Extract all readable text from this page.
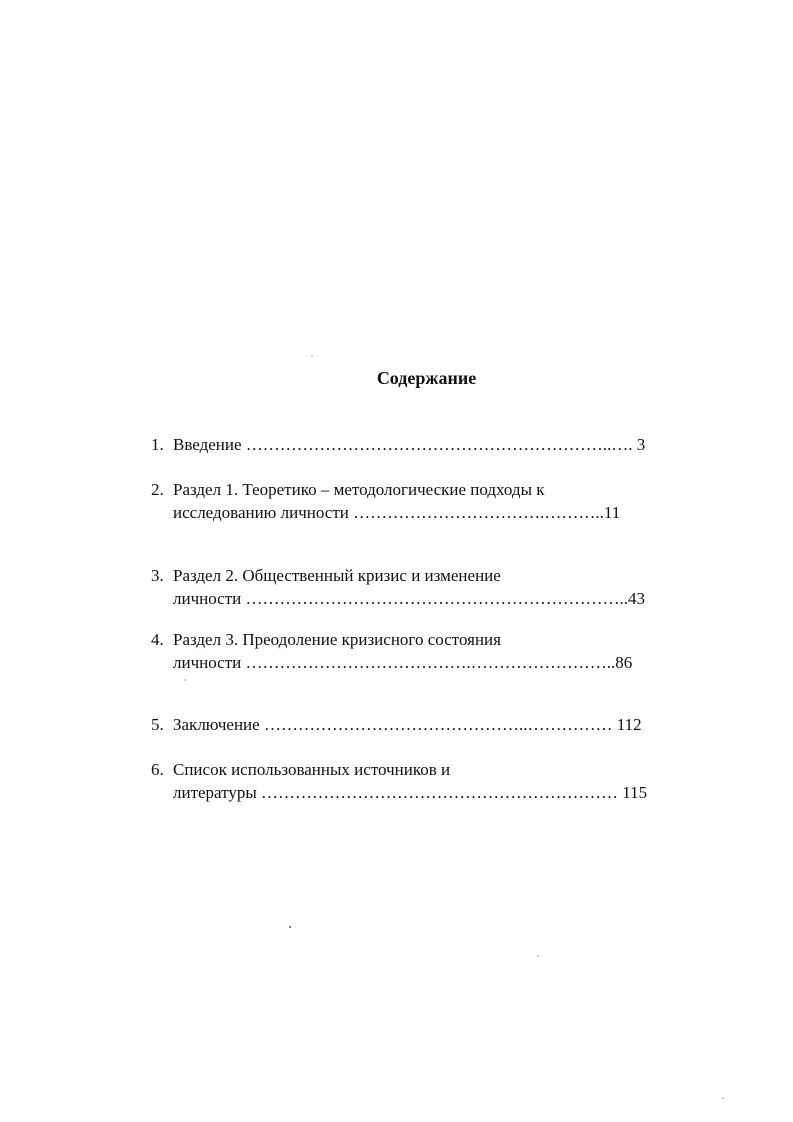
Содержание
1. Введение ………………………………………………………..…. 3
2. Раздел 1. Теоретико – методологические подходы к
исследованию личности …………………………….………..11
3. Раздел 2. Общественный кризис и изменение
личности …………………………………………………………..43
4. Раздел 3. Преодоление кризисного состояния
личности ………………………………….……………………..86
5. Заключение ………………………………………..…………… 112
6. Список использованных источников и
литературы ……………………………………………………… 115
